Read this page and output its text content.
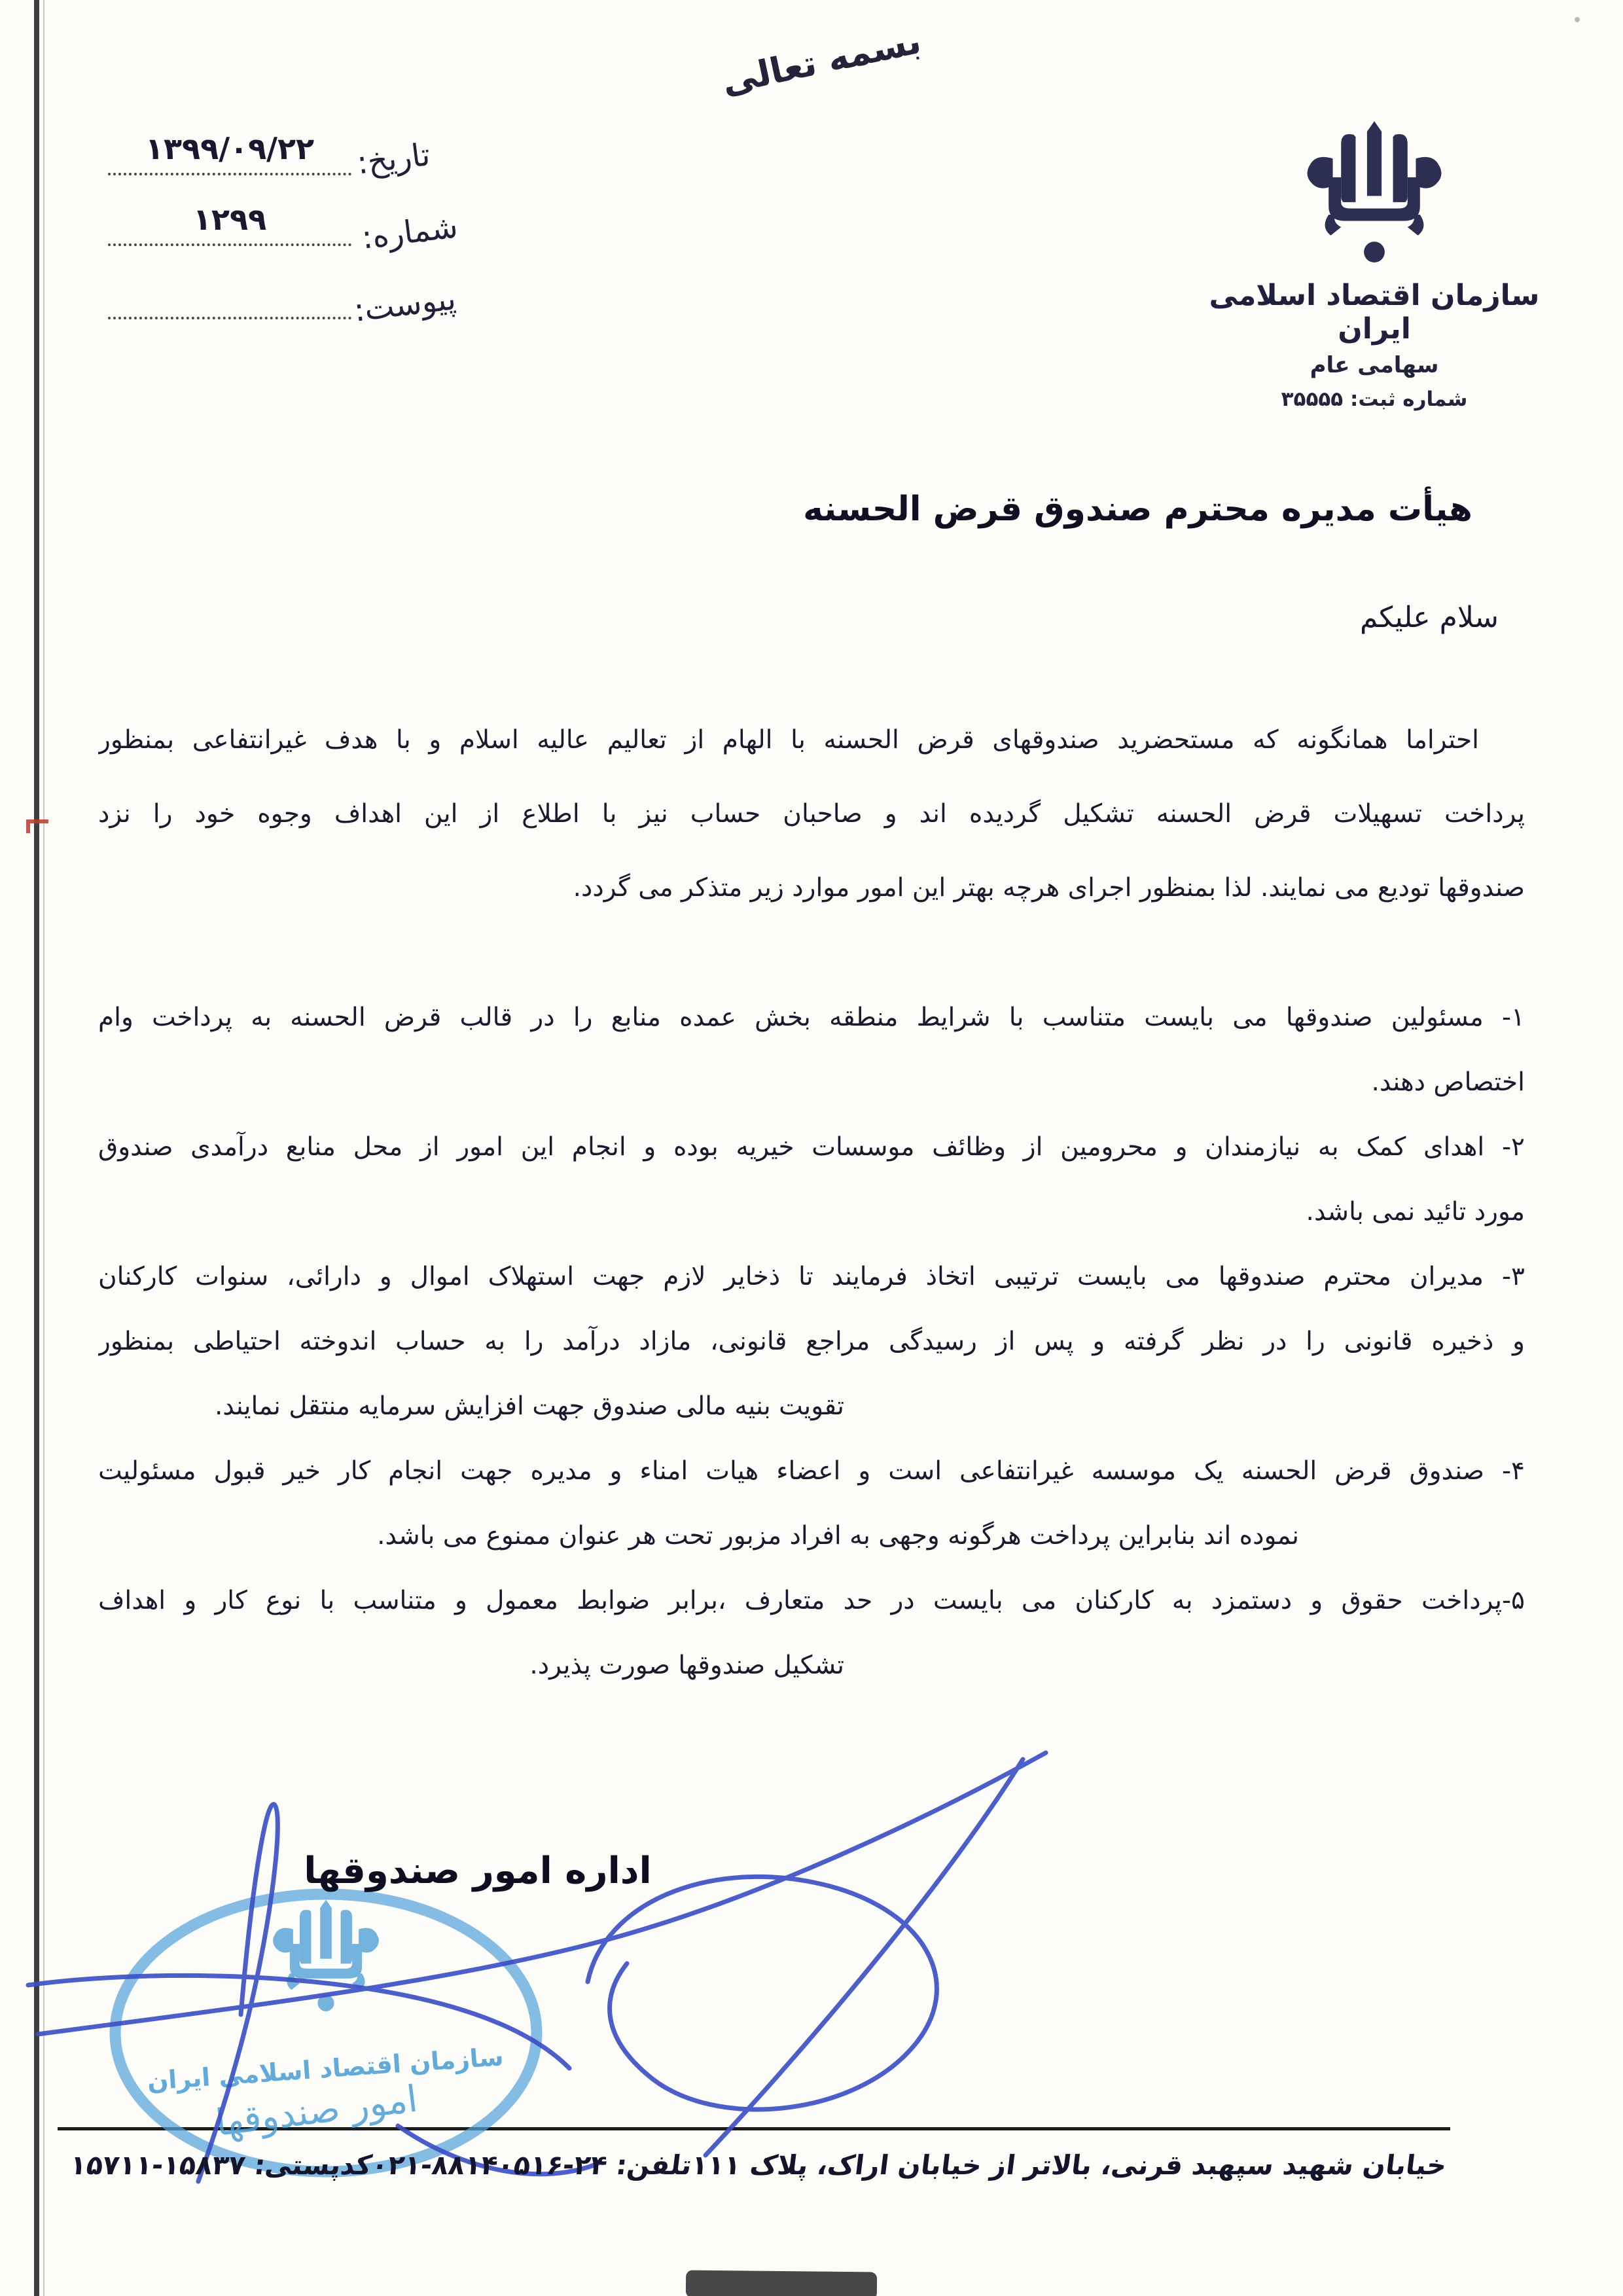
بسمه تعالی
تاریخ:
۱۳۹۹/۰۹/۲۲
شماره:
۱۲۹۹
پیوست:	سازمان اقتصاد اسلامی ایران
سهامی عام
شماره ثبت: ۳۵۵۵۵
هیأت مدیره محترم صندوق قرض الحسنه
سلام علیکم
احتراما همانگونه که مستحضرید صندوقهای قرض الحسنه با الهام از تعالیم عالیه اسلام و با هدف غیرانتفاعی بمنظور
پرداخت تسهیلات قرض الحسنه تشکیل گردیده اند و صاحبان حساب نیز با اطلاع از این اهداف وجوه خود را نزد
صندوقها تودیع می نمایند. لذا بمنظور اجرای هرچه بهتر این امور موارد زیر متذکر می گردد.
۱- مسئولین صندوقها می بایست متناسب با شرایط منطقه بخش عمده منابع را در قالب قرض الحسنه به پرداخت وام
اختصاص دهند.
۲- اهدای کمک به نیازمندان و محرومین از وظائف موسسات خیریه بوده و انجام این امور از محل منابع درآمدی صندوق
مورد تائید نمی باشد.
۳- مدیران محترم صندوقها می بایست ترتیبی اتخاذ فرمایند تا ذخایر لازم جهت استهلاک اموال و دارائی، سنوات کارکنان
و ذخیره قانونی را در نظر گرفته و پس از رسیدگی مراجع قانونی، مازاد درآمد را به حساب اندوخته احتیاطی بمنظور
تقویت بنیه مالی صندوق جهت افزایش سرمایه منتقل نمایند.
۴- صندوق قرض الحسنه یک موسسه غیرانتفاعی است و اعضاء هیات امناء و مدیره جهت انجام کار خیر قبول مسئولیت
نموده اند بنابراین پرداخت هرگونه وجهی به افراد مزبور تحت هر عنوان ممنوع می باشد.
۵-پرداخت حقوق و دستمزد به کارکنان می بایست در حد متعارف ،برابر ضوابط معمول و متناسب با نوع کار و اهداف
تشکیل صندوقها صورت پذیرد.
اداره امور صندوقها
سازمان اقتصاد اسلامی ایران
امور صندوقها
خیابان شهید سپهبد قرنی، بالاتر از خیابان اراک، پلاک ۱۱۱
تلفن: ۲۴-۸۸۱۴۰۵۱۶-۰۲۱
کدپستی: ۱۵۸۳۷-۱۵۷۱۱
